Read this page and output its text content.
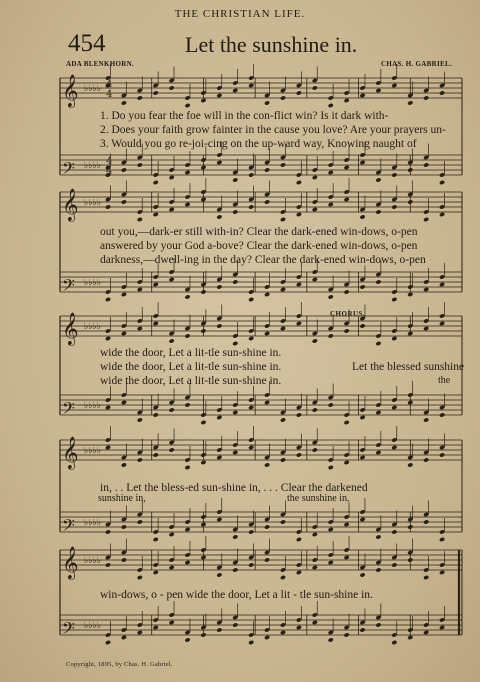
THE CHRISTIAN LIFE.
454	Let the sunshine in.
ADA BLENKHORN.	CHAS. H. GABRIEL.
𝄞 ♭♭♭♭
𝄢 ♭♭♭♭
𝄞 ♭♭♭♭
𝄢 ♭♭♭♭
𝄞 ♭♭♭♭
𝄢 ♭♭♭♭
𝄞 ♭♭♭♭
𝄢 ♭♭♭♭
𝄞 ♭♭♭♭
𝄢 ♭♭♭♭
4
4
4
4
1. Do you fear the foe will in the con-flict win? Is it dark with-
2. Does your faith grow fainter in the cause you love? Are your prayers un-
3. Would you go re-joi-cing on the up-ward way, Knowing naught of
out you,—dark-er still with-in? Clear the dark-ened win-dows, o-pen
answered by your God a-bove? Clear the dark-ened win-dows, o-pen
darkness,—dwell-ing in the day? Clear the dark-ened win-dows, o-pen
CHORUS.
wide the door, Let a lit-tle sun-shine in.
wide the door, Let a lit-tle sun-shine in.
wide the door, Let a lit-tle sun-shine in.
Let the blessed sunshine
the
in, . . Let the bless-ed sun-shine in, . . . Clear the darkened
sunshine in,	the sunshine in,
win-dows, o - pen wide the door, Let a lit - tle sun-shine in.
Copyright, 1895, by Chas. H. Gabriel.
